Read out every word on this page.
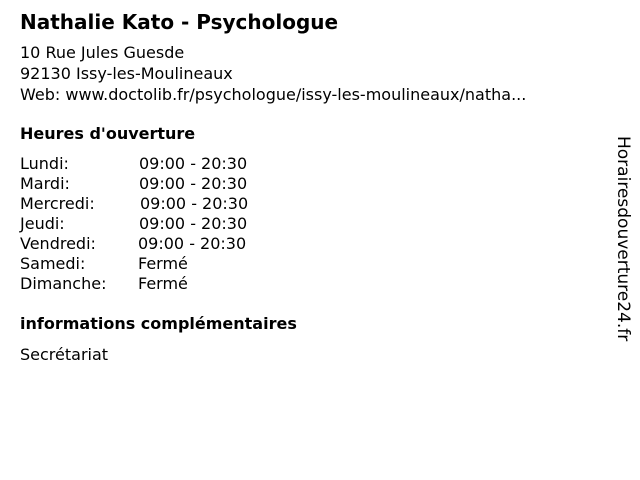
Nathalie Kato - Psychologue
10 Rue Jules Guesde
92130 Issy-les-Moulineaux
Web: www.doctolib.fr/psychologue/issy-les-moulineaux/natha...
Heures d'ouverture
Lundi:	09:00 - 20:30
Mardi:	09:00 - 20:30
Mercredi:	09:00 - 20:30
Jeudi:	09:00 - 20:30
Vendredi:	09:00 - 20:30
Samedi:	Fermé
Dimanche: Fermé
informations complémentaires
Secrétariat
Horairesdouverture24.fr
